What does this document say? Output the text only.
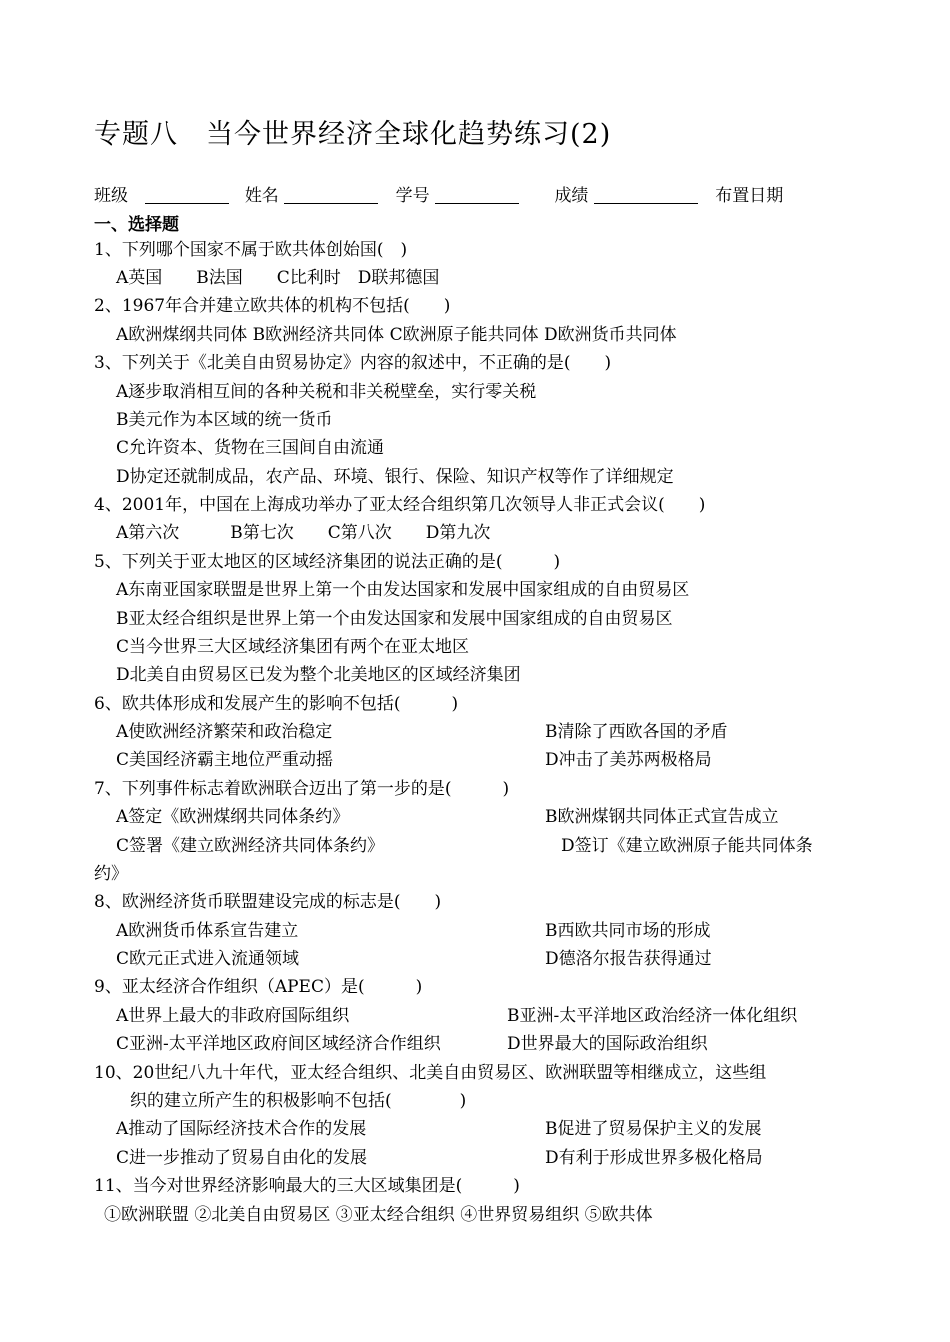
专题八　当今世界经济全球化趋势练习(2)
班级	姓名	学号	成绩	布置日期
一、选择题
1、下列哪个国家不属于欧共体创始国(　)
A英国　　B法国　　C比利时　D联邦德国
2、1967年合并建立欧共体的机构不包括(　　)
A欧洲煤纲共同体 B欧洲经济共同体 C欧洲原子能共同体 D欧洲货币共同体
3、下列关于《北美自由贸易协定》内容的叙述中，不正确的是(　　)
A逐步取消相互间的各种关税和非关税壁垒，实行零关税
B美元作为本区域的统一货币
C允许资本、货物在三国间自由流通
D协定还就制成品，农产品、环境、银行、保险、知识产权等作了详细规定
4、2001年，中国在上海成功举办了亚太经合组织第几次领导人非正式会议(　　)
A第六次　　　B第七次　　C第八次　　D第九次
5、下列关于亚太地区的区域经济集团的说法正确的是(　　　)
A东南亚国家联盟是世界上第一个由发达国家和发展中国家组成的自由贸易区
B亚太经合组织是世界上第一个由发达国家和发展中国家组成的自由贸易区
C当今世界三大区域经济集团有两个在亚太地区
D北美自由贸易区已发为整个北美地区的区域经济集团
6、欧共体形成和发展产生的影响不包括(　　　)
A使欧洲经济繁荣和政治稳定	B清除了西欧各国的矛盾
C美国经济霸主地位严重动摇	D冲击了美苏两极格局
7、下列事件标志着欧洲联合迈出了第一步的是(　　　)
A签定《欧洲煤纲共同体条约》	B欧洲煤钢共同体正式宣告成立
C签署《建立欧洲经济共同体条约》	D签订《建立欧洲原子能共同体条
约》
8、欧洲经济货币联盟建设完成的标志是(　　)
A欧洲货币体系宣告建立	B西欧共同市场的形成
C欧元正式进入流通领域	D德洛尔报告获得通过
9、亚太经济合作组织（APEC）是(　　　)
A世界上最大的非政府国际组织	B亚洲-太平洋地区政治经济一体化组织
C亚洲-太平洋地区政府间区域经济合作组织	D世界最大的国际政治组织
10、20世纪八九十年代，亚太经合组织、北美自由贸易区、欧洲联盟等相继成立，这些组
织的建立所产生的积极影响不包括(　　　　)
A推动了国际经济技术合作的发展	B促进了贸易保护主义的发展
C进一步推动了贸易自由化的发展	D有利于形成世界多极化格局
11、当今对世界经济影响最大的三大区域集团是(　　　)
①欧洲联盟 ②北美自由贸易区 ③亚太经合组织 ④世界贸易组织 ⑤欧共体
